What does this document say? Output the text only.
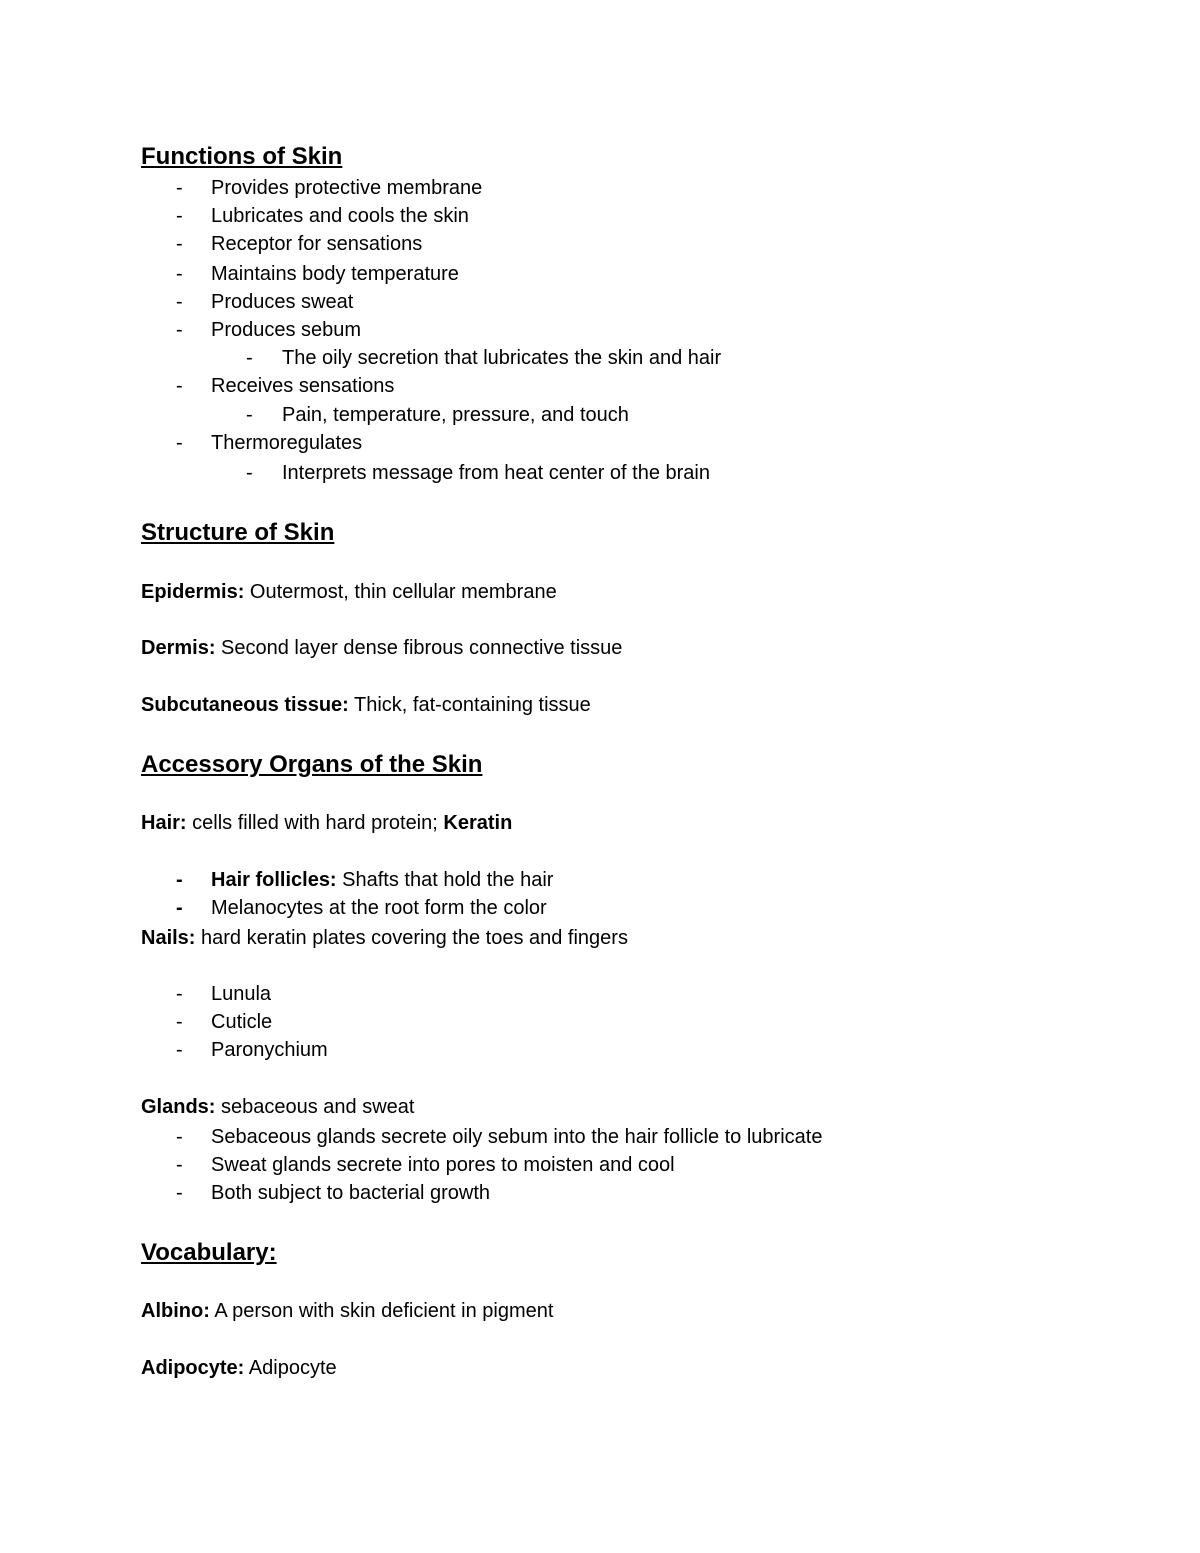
Functions of Skin
- Provides protective membrane
- Lubricates and cools the skin
- Receptor for sensations
- Maintains body temperature
- Produces sweat
- Produces sebum
- The oily secretion that lubricates the skin and hair
- Receives sensations
- Pain, temperature, pressure, and touch
- Thermoregulates
- Interprets message from heat center of the brain
Structure of Skin
Epidermis: Outermost, thin cellular membrane
Dermis: Second layer dense fibrous connective tissue
Subcutaneous tissue: Thick, fat-containing tissue
Accessory Organs of the Skin
Hair: cells filled with hard protein; Keratin
- Hair follicles: Shafts that hold the hair
- Melanocytes at the root form the color
Nails: hard keratin plates covering the toes and fingers
- Lunula
- Cuticle
- Paronychium
Glands: sebaceous and sweat
- Sebaceous glands secrete oily sebum into the hair follicle to lubricate
- Sweat glands secrete into pores to moisten and cool
- Both subject to bacterial growth
Vocabulary:
Albino: A person with skin deficient in pigment
Adipocyte: Adipocyte
